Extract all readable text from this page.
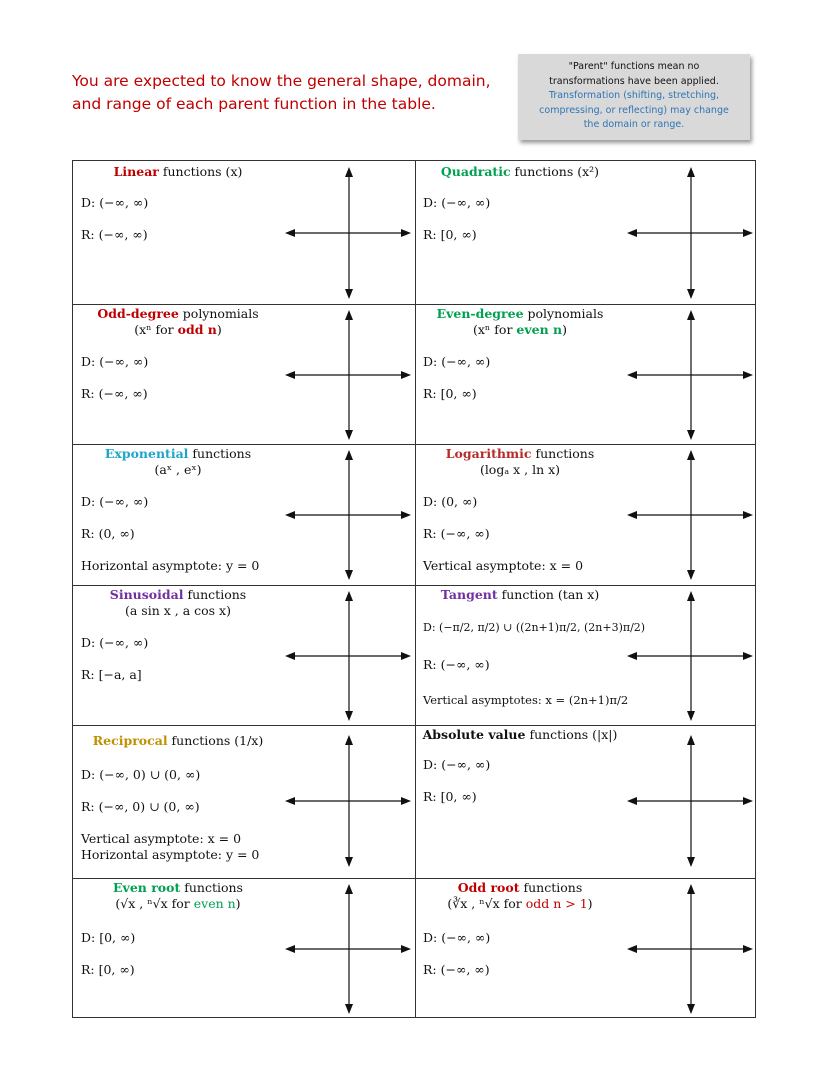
You are expected to know the general shape, domain,
and range of each parent function in the table.
"Parent" functions mean no
transformations have been applied.
Transformation (shifting, stretching,
compressing, or reflecting) may change
the domain or range.
Linear functions (x)
D: (−∞, ∞)
R: (−∞, ∞)
Quadratic functions (x²)
D: (−∞, ∞)
R: [0, ∞)
Odd-degree polynomials
(xⁿ for odd n)
D: (−∞, ∞)
R: (−∞, ∞)
Even-degree polynomials
(xⁿ for even n)
D: (−∞, ∞)
R: [0, ∞)
Exponential functions
(aˣ , eˣ)
D: (−∞, ∞)
R: (0, ∞)
Horizontal asymptote: y = 0
Logarithmic functions
(logₐ x , ln x)
D: (0, ∞)
R: (−∞, ∞)
Vertical asymptote: x = 0
Sinusoidal functions
(a sin x , a cos x)
D: (−∞, ∞)
R: [−a, a]
Tangent function (tan x)
D: (−π/2, π/2) ∪ ((2n+1)π/2, (2n+3)π/2)
R: (−∞, ∞)
Vertical asymptotes: x = (2n+1)π/2
Reciprocal functions (1/x)
D: (−∞, 0) ∪ (0, ∞)
R: (−∞, 0) ∪ (0, ∞)
Vertical asymptote: x = 0
Horizontal asymptote: y = 0
Absolute value functions (|x|)
D: (−∞, ∞)
R: [0, ∞)
Even root functions
(√x , ⁿ√x for even n)
D: [0, ∞)
R: [0, ∞)
Odd root functions
(∛x , ⁿ√x for odd n > 1)
D: (−∞, ∞)
R: (−∞, ∞)
